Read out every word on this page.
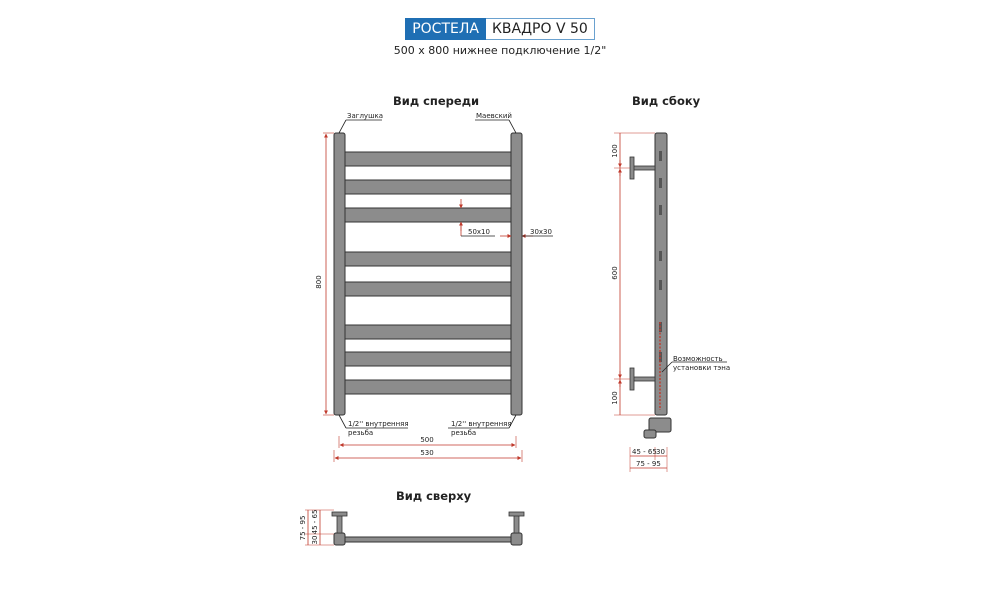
РОСТЕЛА КВАДРО V 50
500 х 800 нижнее подключение 1/2"
Вид спереди	Вид сбоку
Вид сверху
Заглушка	Маевский
50х10	30х30
800
1/2'' внутренняя
резьба
1/2'' внутренняя
резьба
500
530
100
600
100
Возможность
установки тэна
45 - 65 30
75 - 95
75 - 95 30
45 - 65
